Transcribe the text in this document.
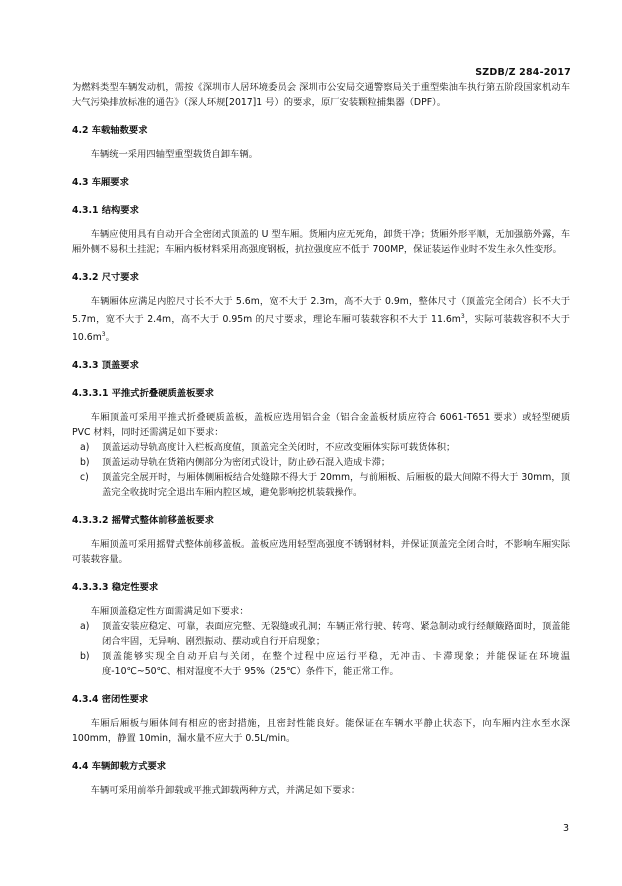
SZDB/Z 284-2017

为燃料类型车辆发动机，需按《深圳市人居环境委员会 深圳市公安局交通警察局关于重型柴油车执行第五阶段国家机动车大气污染排放标准的通告》（深人环规[2017]1 号）的要求，原厂安装颗粒捕集器（DPF）。

4.2 车载轴数要求

车辆统一采用四轴型重型载货自卸车辆。

4.3 车厢要求

4.3.1 结构要求

车辆应使用具有自动开合全密闭式顶盖的 U 型车厢。货厢内应无死角，卸货干净；货厢外形平顺，无加强筋外露，车厢外侧不易积土挂泥；车厢内板材料采用高强度钢板，抗拉强度应不低于 700MP，保证装运作业时不发生永久性变形。

4.3.2 尺寸要求

车辆厢体应满足内腔尺寸长不大于 5.6m，宽不大于 2.3m，高不大于 0.9m，整体尺寸（顶盖完全闭合）长不大于 5.7m，宽不大于 2.4m，高不大于 0.95m 的尺寸要求，理论车厢可装载容积不大于 $11.6m^3$，实际可装载容积不大于 $10.6m^3$。

4.3.3 顶盖要求

4.3.3.1 平推式折叠硬质盖板要求

车厢顶盖可采用平推式折叠硬质盖板，盖板应选用铝合金（铝合金盖板材质应符合 6061-T651 要求）或轻型硬质 PVC 材料，同时还需满足如下要求：

a)	顶盖运动导轨高度计入栏板高度值，顶盖完全关闭时，不应改变厢体实际可载货体积；
b)	顶盖运动导轨在货箱内侧部分为密闭式设计，防止砂石混入造成卡滞；
c)	顶盖完全展开时，与厢体侧厢板结合处缝隙不得大于 20mm，与前厢板、后厢板的最大间隙不得大于 30mm，顶盖完全收拢时完全退出车厢内腔区域，避免影响挖机装载操作。

4.3.3.2 摇臂式整体前移盖板要求

车厢顶盖可采用摇臂式整体前移盖板。盖板应选用轻型高强度不锈钢材料，并保证顶盖完全闭合时，不影响车厢实际可装载容量。

4.3.3.3 稳定性要求

车厢顶盖稳定性方面需满足如下要求：

a)	顶盖安装应稳定、可靠，表面应完整、无裂缝或孔洞；车辆正常行驶、转弯、紧急制动或行经颠簸路面时，顶盖能闭合牢固，无异响、剧烈振动、摆动或自行开启现象；
b)	顶盖能够实现全自动开启与关闭，在整个过程中应运行平稳，无冲击、卡滞现象；并能保证在环境温度-10℃~50℃、相对湿度不大于 95%（25℃）条件下，能正常工作。

4.3.4 密闭性要求

车厢后厢板与厢体间有相应的密封措施，且密封性能良好。能保证在车辆水平静止状态下，向车厢内注水至水深 100mm，静置 10min，漏水量不应大于 0.5L/min。

4.4 车辆卸载方式要求

车辆可采用前举升卸载或平推式卸载两种方式，并满足如下要求：

3
